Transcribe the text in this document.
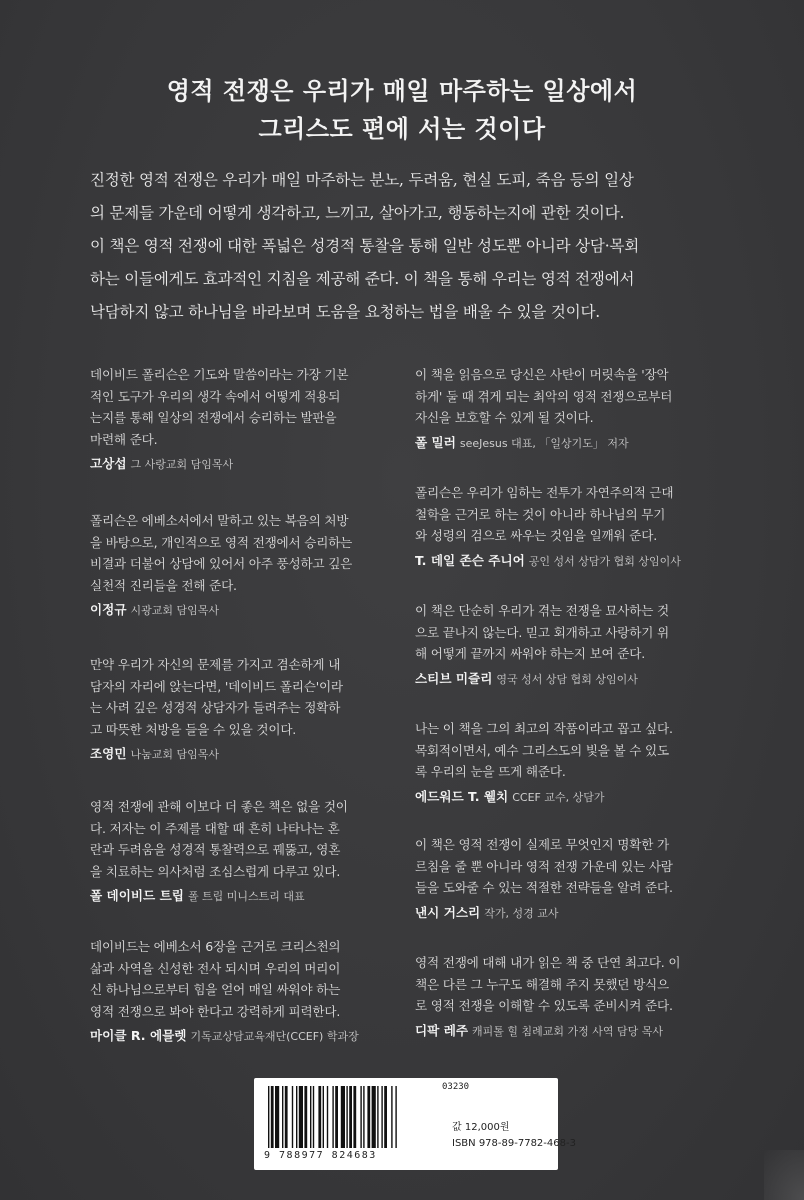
영적 전쟁은 우리가 매일 마주하는 일상에서
그리스도 편에 서는 것이다
진정한 영적 전쟁은 우리가 매일 마주하는 분노, 두려움, 현실 도피, 죽음 등의 일상
의 문제들 가운데 어떻게 생각하고, 느끼고, 살아가고, 행동하는지에 관한 것이다.
이 책은 영적 전쟁에 대한 폭넓은 성경적 통찰을 통해 일반 성도뿐 아니라 상담·목회
하는 이들에게도 효과적인 지침을 제공해 준다. 이 책을 통해 우리는 영적 전쟁에서
낙담하지 않고 하나님을 바라보며 도움을 요청하는 법을 배울 수 있을 것이다.
데이비드 폴리슨은 기도와 말씀이라는 가장 기본
적인 도구가 우리의 생각 속에서 어떻게 적용되
는지를 통해 일상의 전쟁에서 승리하는 발판을
마련해 준다.
고상섭 그 사랑교회 담임목사
폴리슨은 에베소서에서 말하고 있는 복음의 처방
을 바탕으로, 개인적으로 영적 전쟁에서 승리하는
비결과 더불어 상담에 있어서 아주 풍성하고 깊은
실천적 진리들을 전해 준다.
이정규 시광교회 담임목사
만약 우리가 자신의 문제를 가지고 겸손하게 내
담자의 자리에 앉는다면, '데이비드 폴리슨'이라
는 사려 깊은 성경적 상담자가 들려주는 정확하
고 따뜻한 처방을 들을 수 있을 것이다.
조영민 나눔교회 담임목사
영적 전쟁에 관해 이보다 더 좋은 책은 없을 것이
다. 저자는 이 주제를 대할 때 흔히 나타나는 혼
란과 두려움을 성경적 통찰력으로 꿰뚫고, 영혼
을 치료하는 의사처럼 조심스럽게 다루고 있다.
폴 데이비드 트립 폴 트립 미니스트리 대표
데이비드는 에베소서 6장을 근거로 크리스천의
삶과 사역을 신성한 전사 되시며 우리의 머리이
신 하나님으로부터 힘을 얻어 매일 싸워야 하는
영적 전쟁으로 봐야 한다고 강력하게 피력한다.
마이클 R. 에믈렛 기독교상담교육재단(CCEF) 학과장
이 책을 읽음으로 당신은 사탄이 머릿속을 '장악
하게' 둘 때 겪게 되는 최악의 영적 전쟁으로부터
자신을 보호할 수 있게 될 것이다.
폴 밀러 seeJesus 대표, 「일상기도」 저자
폴리슨은 우리가 임하는 전투가 자연주의적 근대
철학을 근거로 하는 것이 아니라 하나님의 무기
와 성령의 검으로 싸우는 것임을 일깨워 준다.
T. 데일 존슨 주니어 공인 성서 상담가 협회 상임이사
이 책은 단순히 우리가 겪는 전쟁을 묘사하는 것
으로 끝나지 않는다. 믿고 회개하고 사랑하기 위
해 어떻게 끝까지 싸워야 하는지 보여 준다.
스티브 미즐리 영국 성서 상담 협회 상임이사
나는 이 책을 그의 최고의 작품이라고 꼽고 싶다.
목회적이면서, 예수 그리스도의 빛을 볼 수 있도
록 우리의 눈을 뜨게 해준다.
에드워드 T. 웰치 CCEF 교수, 상담가
이 책은 영적 전쟁이 실제로 무엇인지 명확한 가
르침을 줄 뿐 아니라 영적 전쟁 가운데 있는 사람
들을 도와줄 수 있는 적절한 전략들을 알려 준다.
낸시 거스리 작가, 성경 교사
영적 전쟁에 대해 내가 읽은 책 중 단연 최고다. 이
책은 다른 그 누구도 해결해 주지 못했던 방식으
로 영적 전쟁을 이해할 수 있도록 준비시켜 준다.
디팍 레주 캐피톨 힐 침례교회 가정 사역 담당 목사
9 788977 824683
03230
값 12,000원
ISBN 978-89-7782-468-3
